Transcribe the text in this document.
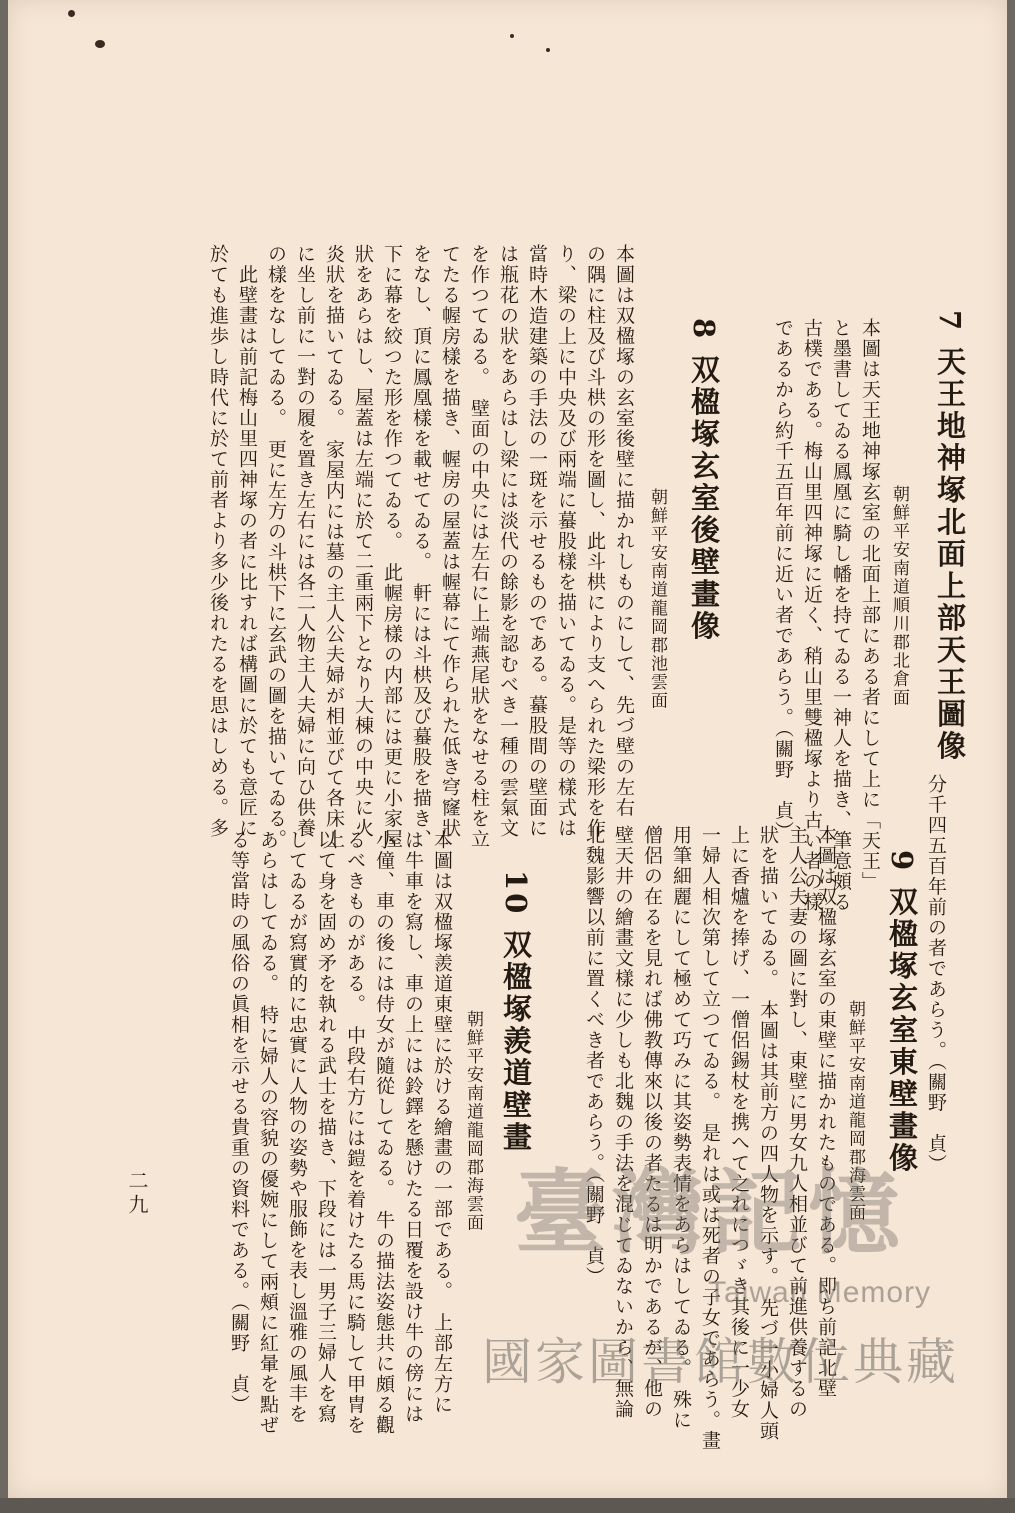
7 天王地神塚北面上部天王圖像
朝鮮平安南道順川郡北倉面
本圖は天王地神塚玄室の北面上部にある者にして上に「天王」
と墨書してゐる鳳凰に騎し幡を持てゐる一神人を描き、筆意頗る
古樸である。梅山里四神塚に近く、稍山里雙楹塚より古い者の樣
であるから約千五百年前に近い者であらう。（關野　貞）
8 双楹塚玄室後壁畫像
朝鮮平安南道龍岡郡池雲面
本圖は双楹塚の玄室後壁に描かれしものにして、先づ壁の左右
の隅に柱及び斗栱の形を圖し、此斗栱により支へられた梁形を作
り、梁の上に中央及び兩端に蟇股樣を描いてゐる。是等の樣式は
當時木造建築の手法の一斑を示せるものである。蟇股間の壁面に
は瓶花の狀をあらはし梁には淡代の餘影を認むべき一種の雲氣文
を作つてゐる。　壁面の中央には左右に上端燕尾狀をなせる柱を立
てたる幄房樣を描き、幄房の屋蓋は幄幕にて作られた低き穹窿狀
をなし、頂に鳳凰樣を載せてゐる。　軒には斗栱及び蟇股を描き、
下に幕を絞つた形を作つてゐる。　此幄房樣の内部には更に小家屋
狀をあらはし、屋蓋は左端に於て二重兩下となり大棟の中央に火
炎狀を描いてゐる。　家屋内には墓の主人公夫婦が相並びて各床上
に坐し前に一對の履を置き左右には各二人物主人夫婦に向ひ供養
の樣をなしてゐる。　更に左方の斗栱下に玄武の圖を描いてゐる。
　此壁畫は前記梅山里四神塚の者に比すれば構圖に於ても意匠に
於ても進歩し時代に於て前者より多少後れたるを思はしめる。多
分千四五百年前の者であらう。（關野　貞）
9 双楹塚玄室東壁畫像
朝鮮平安南道龍岡郡海雲面
本圖は双楹塚玄室の東壁に描かれたものである。即ち前記北壁
主人公夫妻の圖に對し、東壁に男女九人相並びて前進供養するの
狀を描いてゐる。　本圖は其前方の四人物を示す。　先づ一小婦人頭
上に香爐を捧げ、一僧侶錫杖を携へて之れにつゞき其後に一少女
一婦人相次第して立つてゐる。　是れは或は死者の子女であらう。畫
用筆細麗にして極めて巧みに其姿勢表情をあらはしてゐる。　殊に
僧侶の在るを見れば佛教傳來以後の者たるは明かであるが、他の
壁天井の繪畫文樣に少しも北魏の手法を混じてゐないから、無論
北魏影響以前に置くべき者であらう。（關野　貞）
10 双楹塚羨道壁畫
朝鮮平安南道龍岡郡海雲面
本圖は双楹塚羨道東壁に於ける繪畫の一部である。　上部左方に
は牛車を寫し、車の上には鈴鐸を懸けたる日覆を設け牛の傍には
小僮、車の後には侍女が隨從してゐる。　牛の描法姿態共に頗る觀
るべきものがある。　中段右方には鎧を着けたる馬に騎して甲冑を
以て身を固め矛を執れる武士を描き、下段には一男子三婦人を寫
してゐるが寫實的に忠實に人物の姿勢や服飾を表し溫雅の風丰を
あらはしてゐる。　特に婦人の容貌の優婉にして兩頰に紅暈を點ぜ
る等當時の風俗の眞相を示せる貴重の資料である。（關野　貞）
二九	臺灣記憶
Taiwan Memory
國家圖書館數位典藏
